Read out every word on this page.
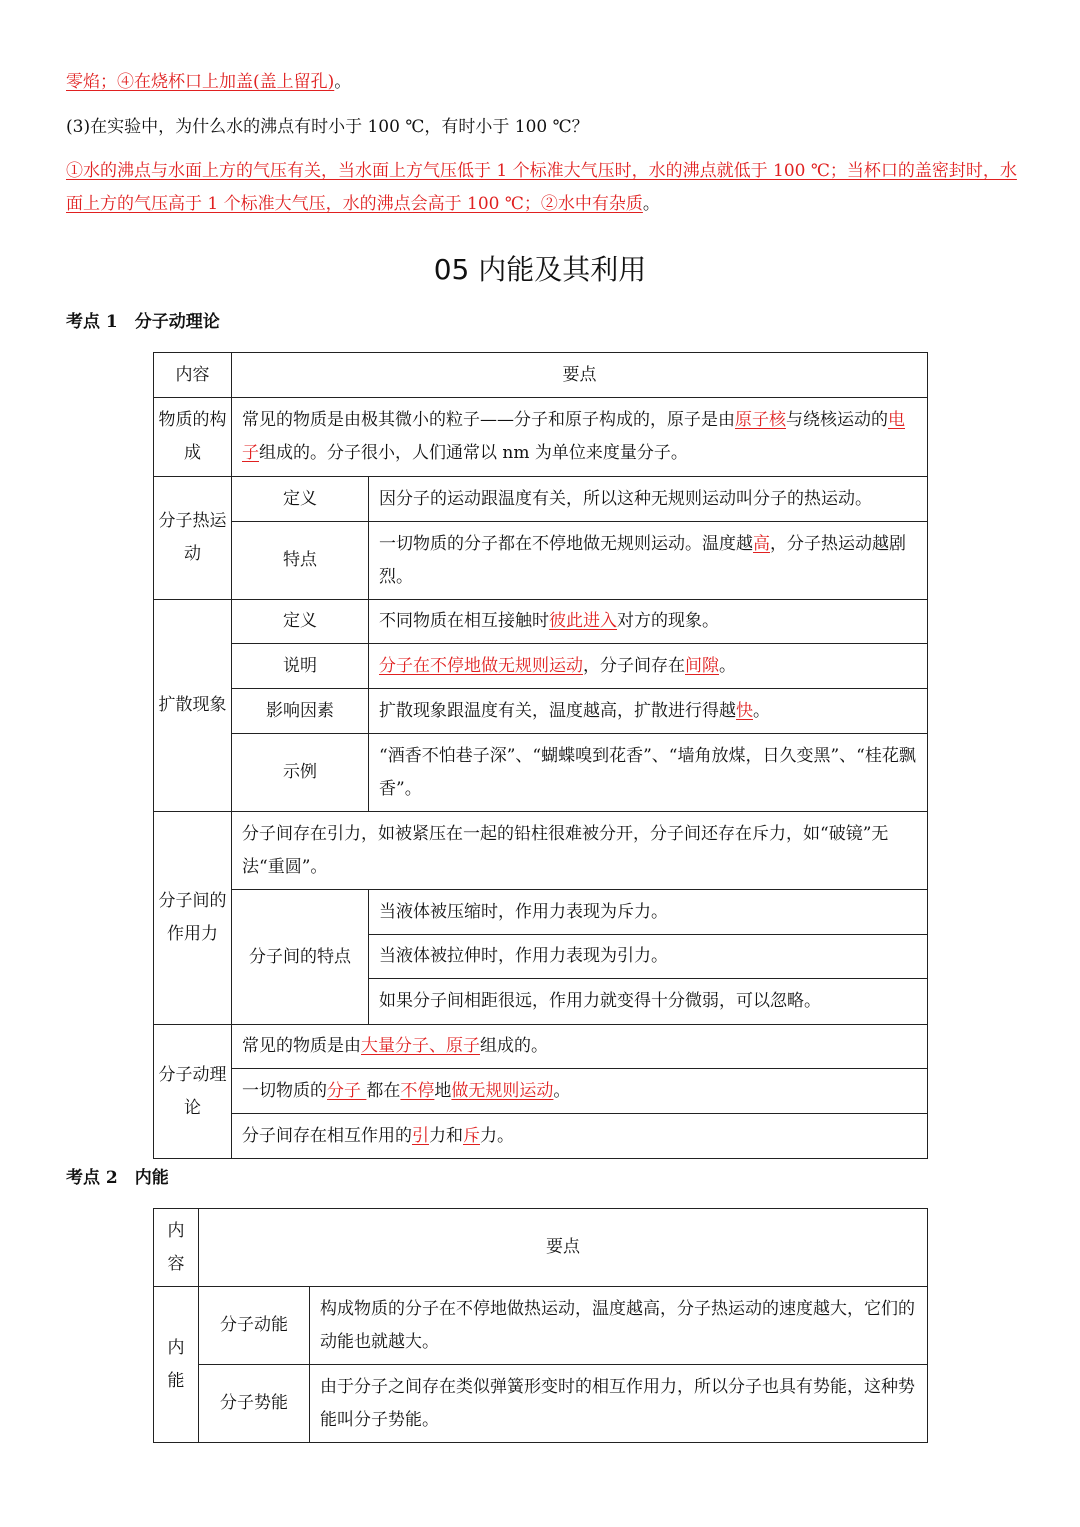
零焰；④在烧杯口上加盖(盖上留孔)。

(3)在实验中，为什么水的沸点有时小于 100 ℃，有时小于 100 ℃？

①水的沸点与水面上方的气压有关，当水面上方气压低于 1 个标准大气压时，水的沸点就低于 100 ℃；当杯口的盖密封时，水面上方的气压高于 1 个标准大气压，水的沸点会高于 100 ℃；②水中有杂质。

05 内能及其利用
考点 1　分子动理论
内容	要点	
物质的构成	常见的物质是由极其微小的粒子——分子和原子构成的，原子是由原子核与绕核运动的电子组成的。分子很小，人们通常以 nm 为单位来度量分子。	
分子热运动	定义	因分子的运动跟温度有关，所以这种无规则运动叫分子的热运动。
	特点	一切物质的分子都在不停地做无规则运动。温度越高，分子热运动越剧烈。
扩散现象	定义	不同物质在相互接触时彼此进入对方的现象。
	说明	分子在不停地做无规则运动，分子间存在间隙。
	影响因素	扩散现象跟温度有关，温度越高，扩散进行得越快。
	示例	“酒香不怕巷子深”、“蝴蝶嗅到花香”、“墙角放煤，日久变黑”、“桂花飘香”。
分子间的作用力	分子间存在引力，如被紧压在一起的铅柱很难被分开，分子间还存在斥力，如“破镜”无法“重圆”。	
	分子间的特点	当液体被压缩时，作用力表现为斥力。
		当液体被拉伸时，作用力表现为引力。
		如果分子间相距很远，作用力就变得十分微弱，可以忽略。
分子动理论	常见的物质是由大量分子、原子组成的。	
	一切物质的分子 都在不停地做无规则运动。	
	分子间存在相互作用的引力和斥力。	
考点 2　内能
内容	要点	
内能	分子动能	构成物质的分子在不停地做热运动，温度越高，分子热运动的速度越大，它们的动能也就越大。
	分子势能	由于分子之间存在类似弹簧形变时的相互作用力，所以分子也具有势能，这种势能叫分子势能。
